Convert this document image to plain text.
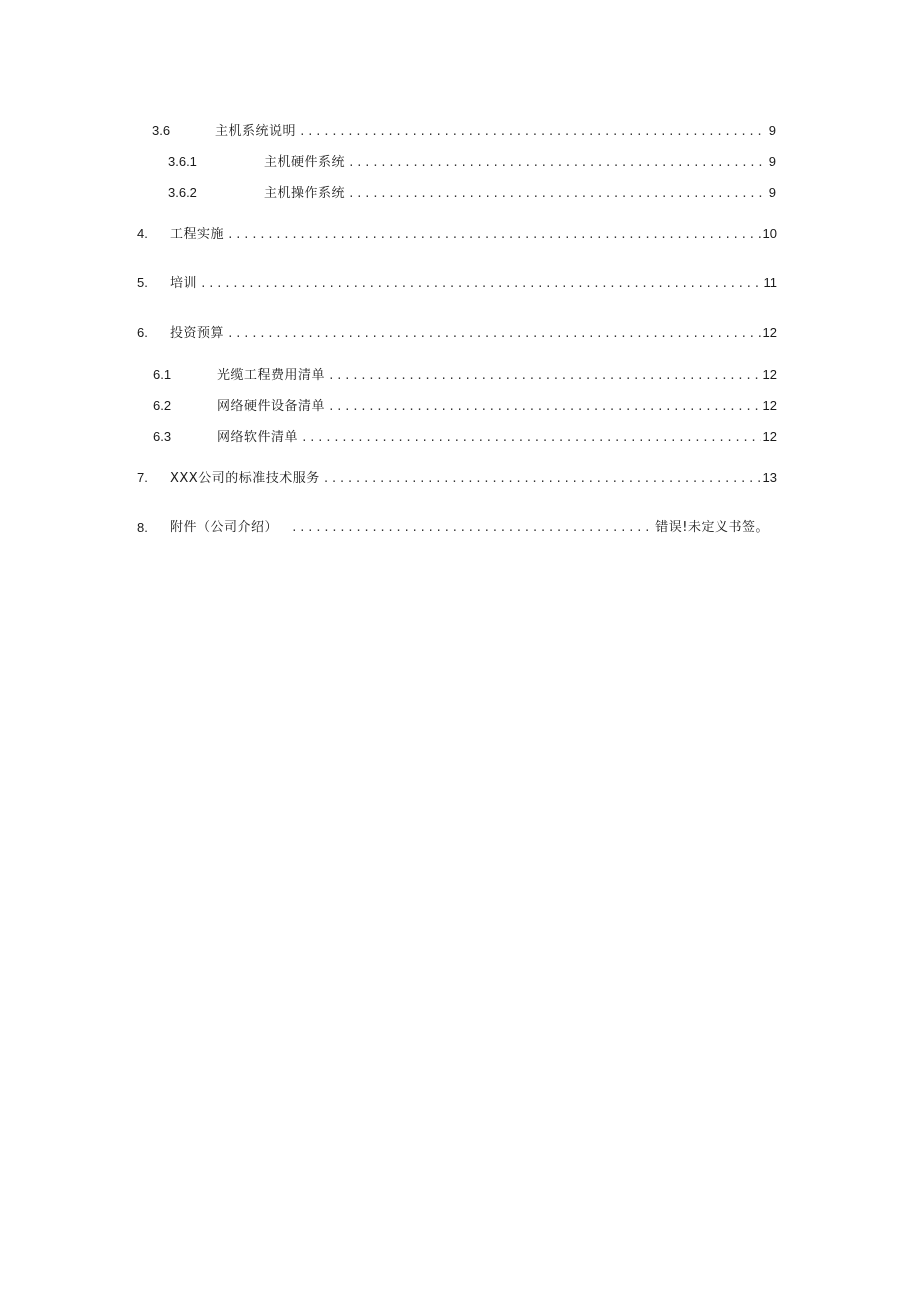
3.6	主机系统说明 .....	9
3.6.1	主机硬件系统 .....	9
3.6.2	主机操作系统 .....	9
4. 工程实施 .....	10
5. 培训 .....	11
6. 投资预算 .....	12
6.1	光缆工程费用清单 .....	12
6.2	网络硬件设备清单 .....	12
6.3	网络软件清单 .....	12
7. XXX公司的标准技术服务 .....	13
8. 附件（公司介绍） .....	错误!未定义书签。
